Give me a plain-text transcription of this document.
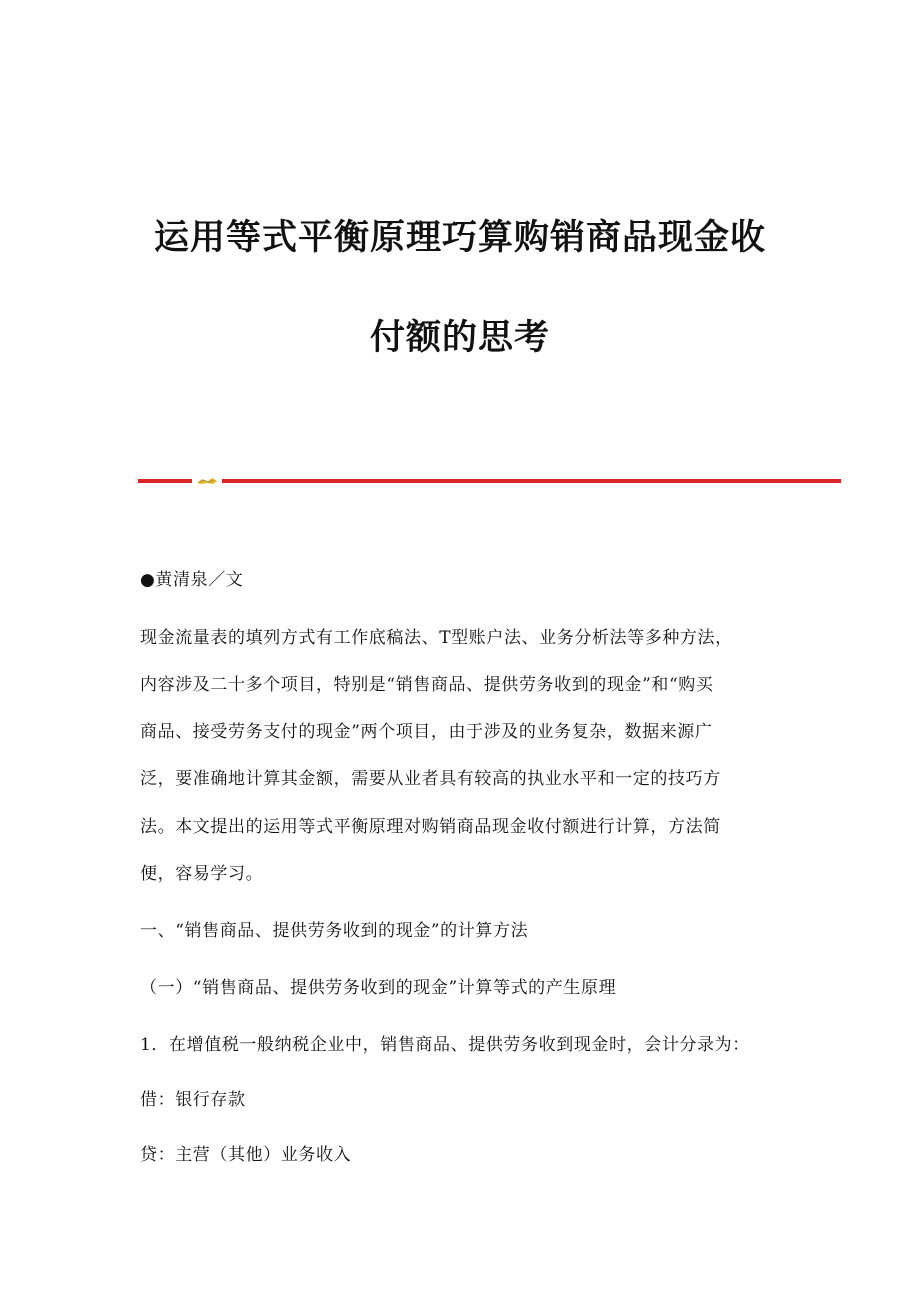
运用等式平衡原理巧算购销商品现金收
付额的思考
●黄清泉／文
现金流量表的填列方式有工作底稿法、T型账户法、业务分析法等多种方法，
内容涉及二十多个项目，特别是“销售商品、提供劳务收到的现金”和“购买
商品、接受劳务支付的现金”两个项目，由于涉及的业务复杂，数据来源广
泛，要准确地计算其金额，需要从业者具有较高的执业水平和一定的技巧方
法。本文提出的运用等式平衡原理对购销商品现金收付额进行计算，方法简
便，容易学习。
一、“销售商品、提供劳务收到的现金”的计算方法
（一）“销售商品、提供劳务收到的现金”计算等式的产生原理
1．在增值税一般纳税企业中，销售商品、提供劳务收到现金时，会计分录为：
借：银行存款
贷：主营（其他）业务收入
